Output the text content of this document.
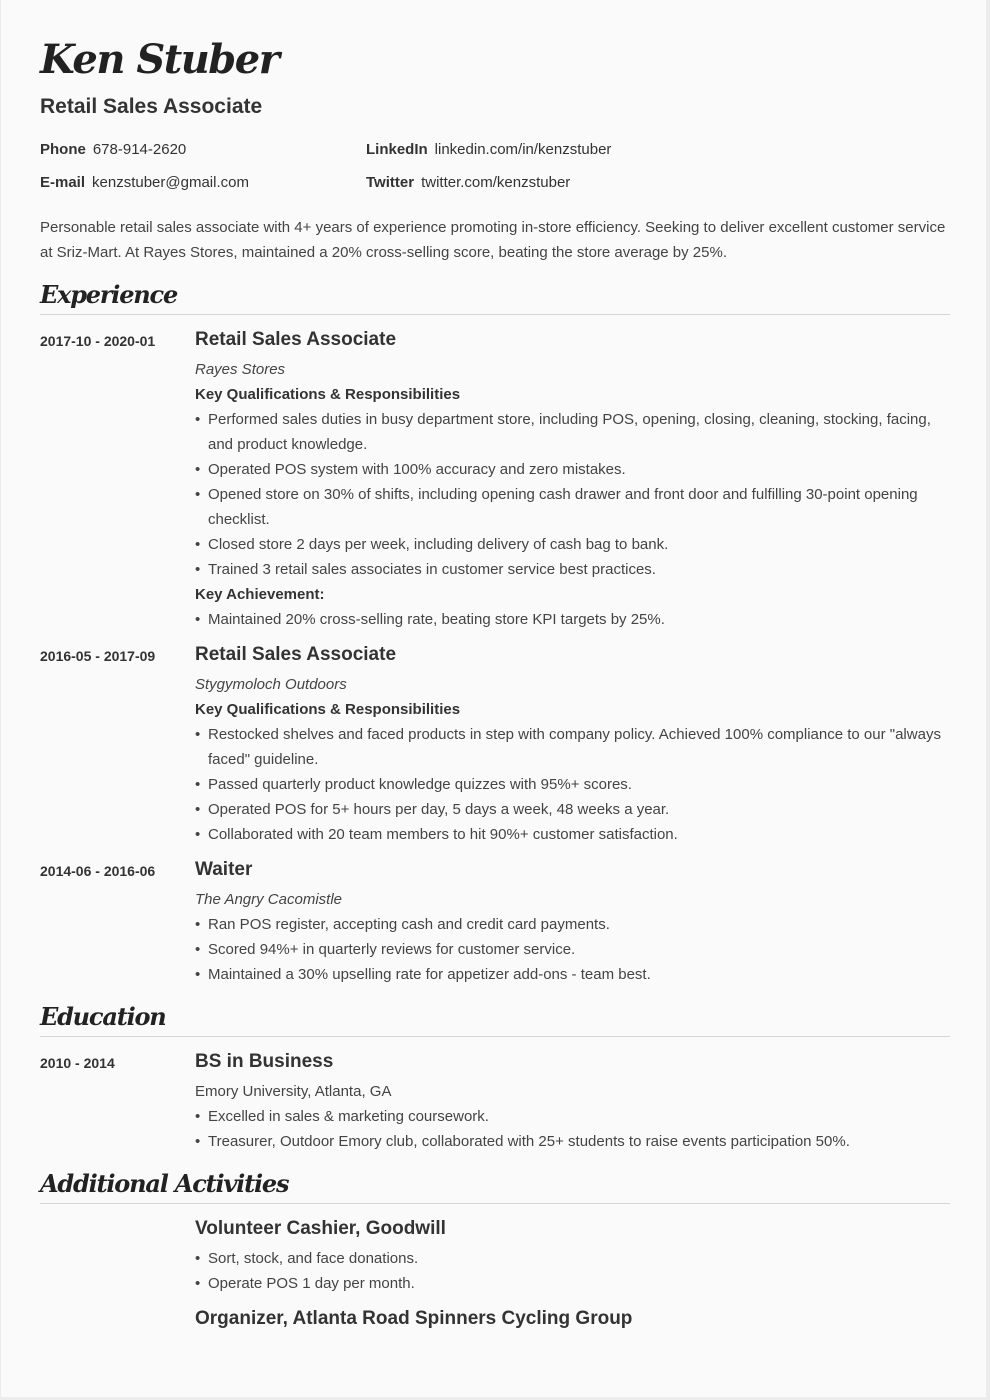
Ken Stuber
Retail Sales Associate
Phone 678-914-2620	LinkedIn linkedin.com/in/kenzstuber
E-mail kenzstuber@gmail.com	Twitter twitter.com/kenzstuber
Personable retail sales associate with 4+ years of experience promoting in-store efficiency. Seeking to deliver excellent customer service at Sriz-Mart. At Rayes Stores, maintained a 20% cross-selling score, beating the store average by 25%.
Experience
2017-10 - 2020-01 Retail Sales Associate
Rayes Stores
Key Qualifications & Responsibilities
• Performed sales duties in busy department store, including POS, opening, closing, cleaning, stocking, facing, and product knowledge.
• Operated POS system with 100% accuracy and zero mistakes.
• Opened store on 30% of shifts, including opening cash drawer and front door and fulfilling 30-point opening checklist.
• Closed store 2 days per week, including delivery of cash bag to bank.
• Trained 3 retail sales associates in customer service best practices.
Key Achievement:
• Maintained 20% cross-selling rate, beating store KPI targets by 25%.
2016-05 - 2017-09 Retail Sales Associate
Stygymoloch Outdoors
Key Qualifications & Responsibilities
• Restocked shelves and faced products in step with company policy. Achieved 100% compliance to our "always faced" guideline.
• Passed quarterly product knowledge quizzes with 95%+ scores.
• Operated POS for 5+ hours per day, 5 days a week, 48 weeks a year.
• Collaborated with 20 team members to hit 90%+ customer satisfaction.
2014-06 - 2016-06 Waiter
The Angry Cacomistle
• Ran POS register, accepting cash and credit card payments.
• Scored 94%+ in quarterly reviews for customer service.
• Maintained a 30% upselling rate for appetizer add-ons - team best.
Education
2010 - 2014	BS in Business
Emory University, Atlanta, GA
• Excelled in sales & marketing coursework.
• Treasurer, Outdoor Emory club, collaborated with 25+ students to raise events participation 50%.
Additional Activities
Volunteer Cashier, Goodwill
• Sort, stock, and face donations.
• Operate POS 1 day per month.
Organizer, Atlanta Road Spinners Cycling Group
